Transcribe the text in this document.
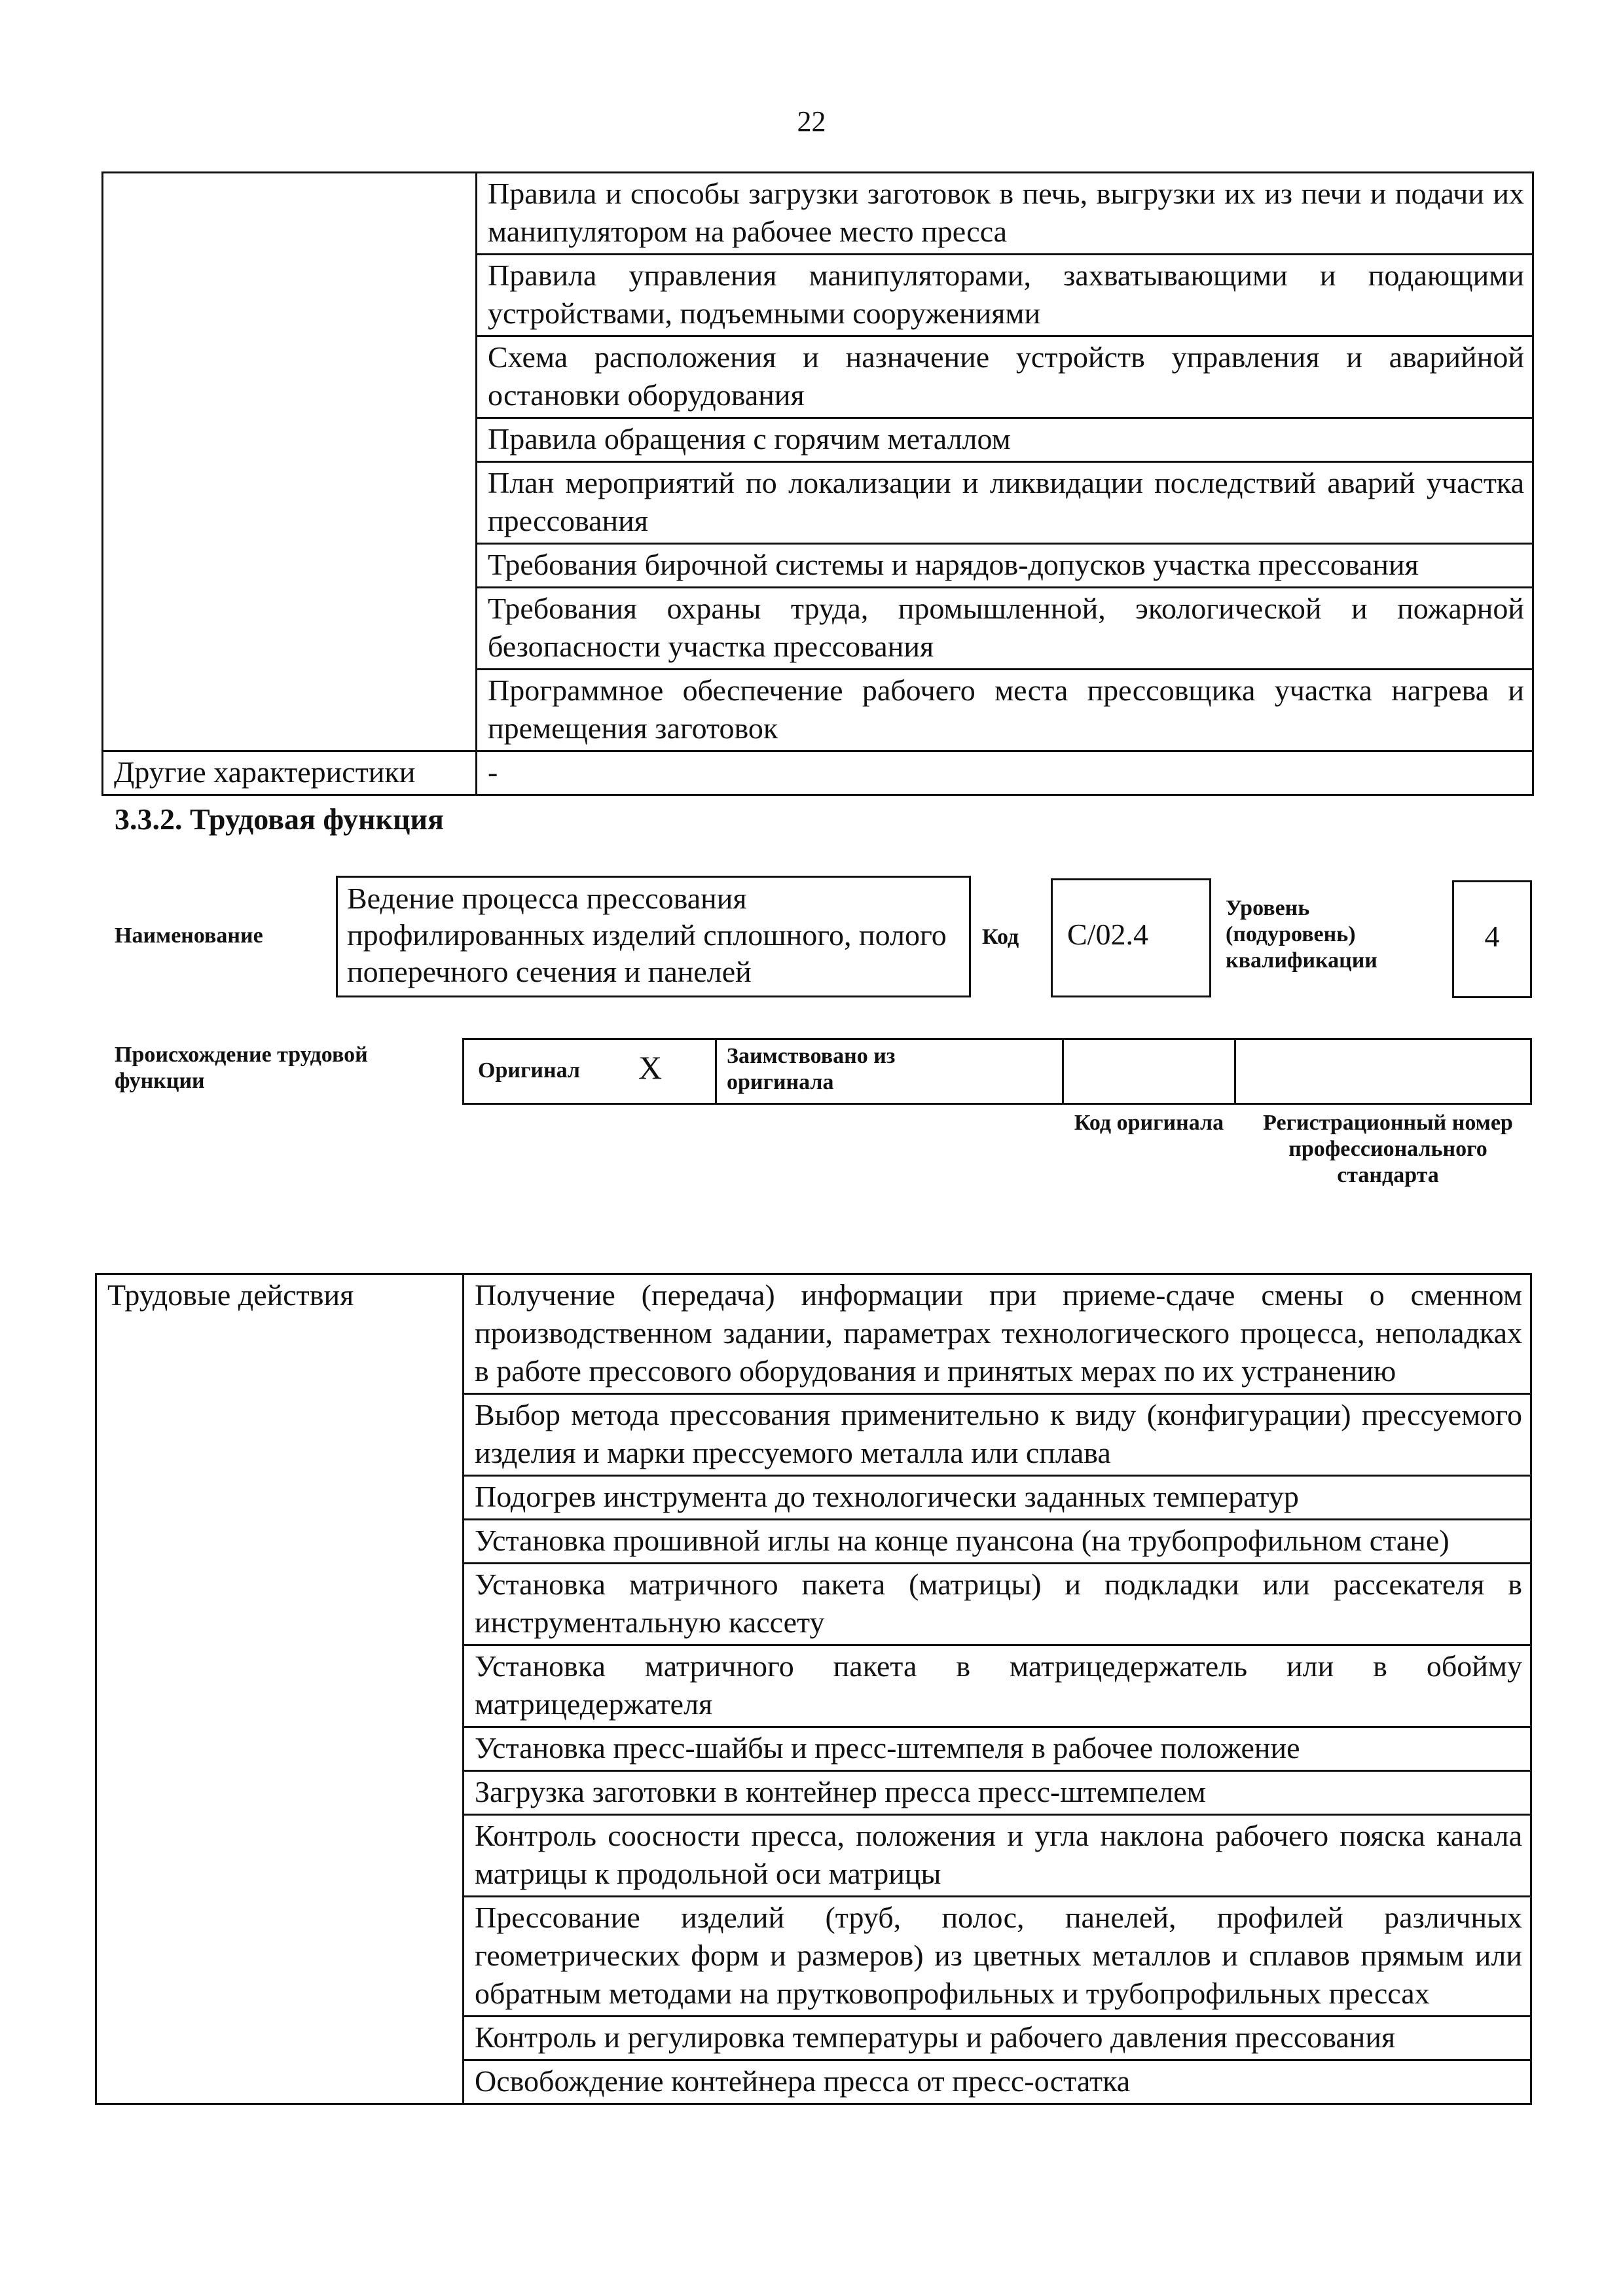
22
	Правила и способы загрузки заготовок в печь, выгрузки их из печи и подачи их манипулятором на рабочее место пресса
	Правила управления манипуляторами, захватывающими и подающими устройствами, подъемными сооружениями
	Схема расположения и назначение устройств управления и аварийной остановки оборудования
	Правила обращения с горячим металлом
	План мероприятий по локализации и ликвидации последствий аварий участка прессования
	Требования бирочной системы и нарядов-допусков участка прессования
	Требования охраны труда, промышленной, экологической и пожарной безопасности участка прессования
	Программное обеспечение рабочего места прессовщика участка нагрева и премещения заготовок
Другие характеристики	-
3.3.2. Трудовая функция
Наименование
Ведение процесса прессования профилированных изделий сплошного, полого поперечного сечения и панелей
Код C/02.4
Уровень (подуровень) квалификации
4
Происхождение трудовой функции	Оригинал X	Заимствовано из оригинала
Код оригинала	Регистрационный номер профессионального стандарта
Трудовые действия	Получение (передача) информации при приеме-сдаче смены о сменном производственном задании, параметрах технологического процесса, неполадках в работе прессового оборудования и принятых мерах по их устранению
Выбор метода прессования применительно к виду (конфигурации) прессуемого изделия и марки прессуемого металла или сплава
Подогрев инструмента до технологически заданных температур
Установка прошивной иглы на конце пуансона (на трубопрофильном стане)
Установка матричного пакета (матрицы) и подкладки или рассекателя в инструментальную кассету
Установка матричного пакета в матрицедержатель или в обойму матрицедержателя
Установка пресс-шайбы и пресс-штемпеля в рабочее положение
Загрузка заготовки в контейнер пресса пресс-штемпелем
Контроль соосности пресса, положения и угла наклона рабочего пояска канала матрицы к продольной оси матрицы
Прессование изделий (труб, полос, панелей, профилей различных геометрических форм и размеров) из цветных металлов и сплавов прямым или обратным методами на прутковопрофильных и трубопрофильных прессах
Контроль и регулировка температуры и рабочего давления прессования
Освобождение контейнера пресса от пресс-остатка
